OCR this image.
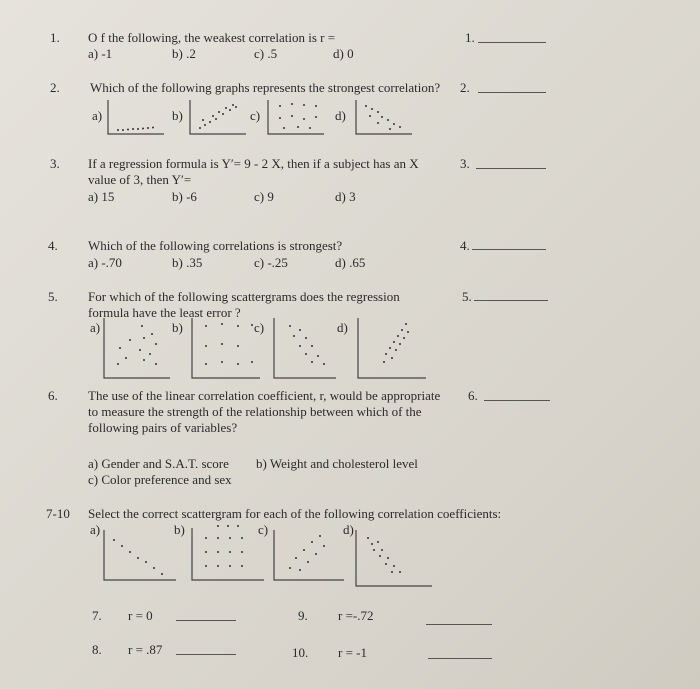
1. O f the following, the weakest correlation is r =
a) -1	b) .2	c) .5	d) 0
1.
2. Which of the following graphs represents the strongest correlation? 2.
a)	b)	c)	d)
3. If a regression formula is Y′= 9 - 2 X, then if a subject has an X	3.
value of 3, then Y′=
a) 15	b) -6	c) 9	d) 3
4. Which of the following correlations is strongest?	4.
a) -.70	b) .35	c) -.25	d) .65
5. For which of the following scattergrams does the regression
formula have the least error ?
5.
a)	b)	c)	d)
6. The use of the linear correlation coefficient, r, would be appropriate 6.
to measure the strength of the relationship between which of the
following pairs of variables?
a) Gender and S.A.T. score b) Weight and cholesterol level
c) Color preference and sex
7-10 Select the correct scattergram for each of the following correlation coefficients:
a)	b)	c)	d)
7. r = 0	9. r =-.72
8. r = .87	10. r = -1
